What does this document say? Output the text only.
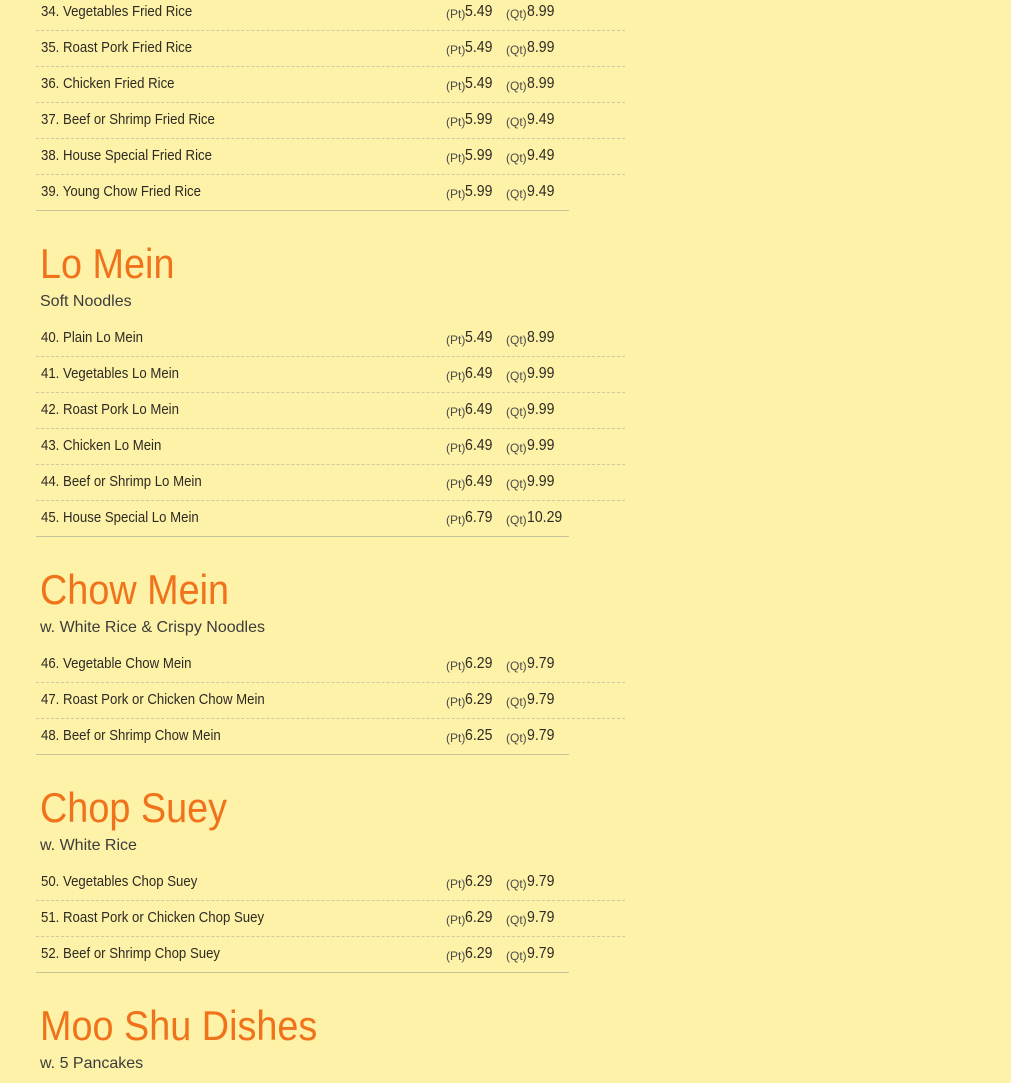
34. Vegetables Fried Rice	(Pt)5.49	(Qt)8.99
35. Roast Pork Fried Rice	(Pt)5.49	(Qt)8.99
36. Chicken Fried Rice	(Pt)5.49	(Qt)8.99
37. Beef or Shrimp Fried Rice	(Pt)5.99	(Qt)9.49
38. House Special Fried Rice	(Pt)5.99	(Qt)9.49
39. Young Chow Fried Rice	(Pt)5.99	(Qt)9.49
Lo Mein
Soft Noodles
40. Plain Lo Mein	(Pt)5.49	(Qt)8.99
41. Vegetables Lo Mein	(Pt)6.49	(Qt)9.99
42. Roast Pork Lo Mein	(Pt)6.49	(Qt)9.99
43. Chicken Lo Mein	(Pt)6.49	(Qt)9.99
44. Beef or Shrimp Lo Mein	(Pt)6.49	(Qt)9.99
45. House Special Lo Mein	(Pt)6.79	(Qt)10.29
Chow Mein
w. White Rice & Crispy Noodles
46. Vegetable Chow Mein	(Pt)6.29	(Qt)9.79
47. Roast Pork or Chicken Chow Mein	(Pt)6.29	(Qt)9.79
48. Beef or Shrimp Chow Mein	(Pt)6.25	(Qt)9.79
Chop Suey
w. White Rice
50. Vegetables Chop Suey	(Pt)6.29	(Qt)9.79
51. Roast Pork or Chicken Chop Suey	(Pt)6.29	(Qt)9.79
52. Beef or Shrimp Chop Suey	(Pt)6.29	(Qt)9.79
Moo Shu Dishes
w. 5 Pancakes
